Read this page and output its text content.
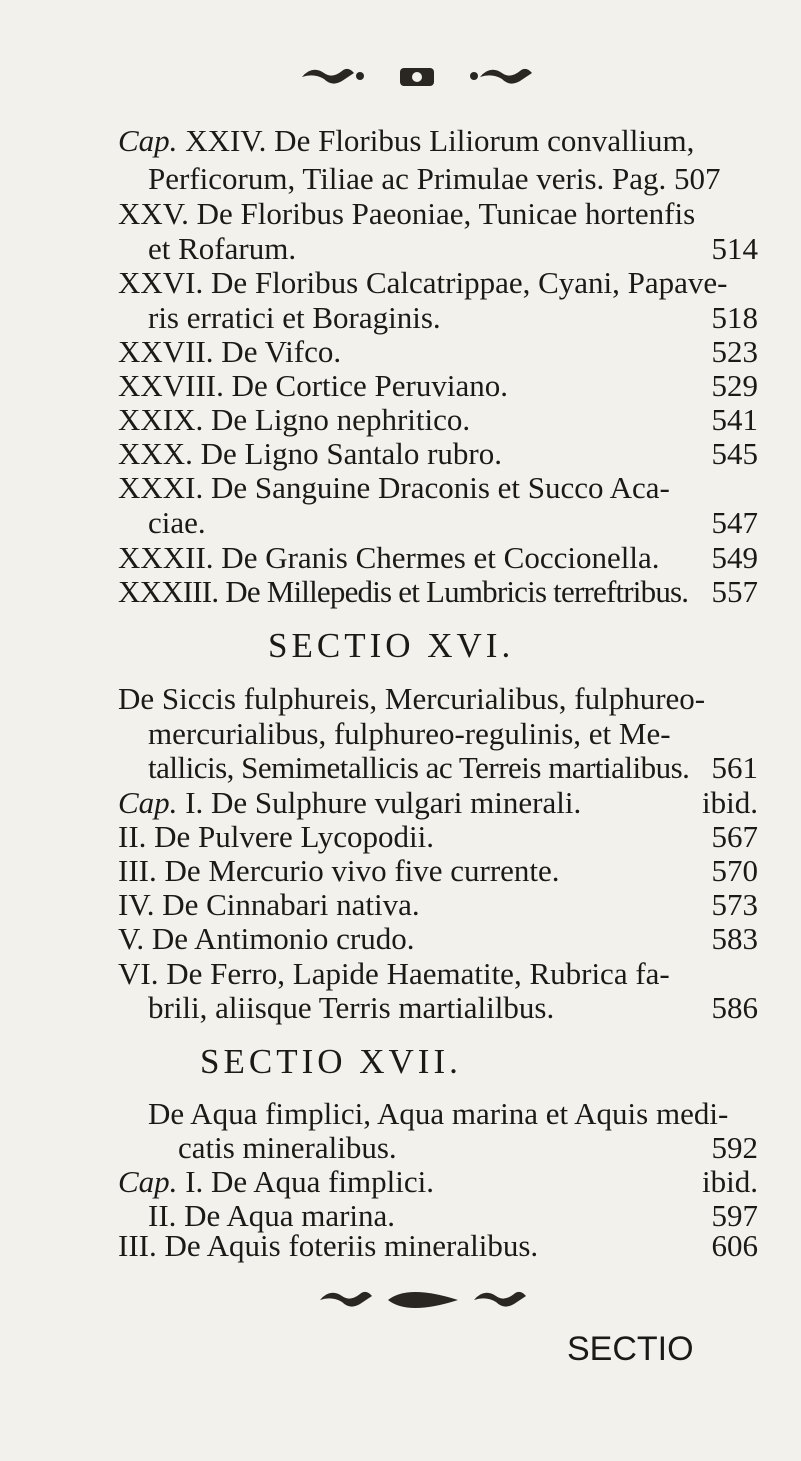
Cap. XXIV. De Floribus Liliorum convallium,
Perficorum, Tiliae ac Primulae veris. Pag. 507
XXV. De Floribus Paeoniae, Tunicae hortenfis
et Rofarum.	514
XXVI. De Floribus Calcatrippae, Cyani, Papave-
ris erratici et Boraginis.	518
XXVII. De Vifco.	523
XXVIII. De Cortice Peruviano.	529
XXIX. De Ligno nephritico.	541
XXX. De Ligno Santalo rubro.	545
XXXI. De Sanguine Draconis et Succo Aca-
ciae.	547
XXXII. De Granis Chermes et Coccionella. 549
XXXIII. De Millepedis et Lumbricis terreftribus. 557
SECTIO XVI.
De Siccis fulphureis, Mercurialibus, fulphureo-
mercurialibus, fulphureo-regulinis, et Me-
tallicis, Semimetallicis ac Terreis martialibus. 561
Cap. I. De Sulphure vulgari minerali.	ibid.
II. De Pulvere Lycopodii.	567
III. De Mercurio vivo five currente.	570
IV. De Cinnabari nativa.	573
V. De Antimonio crudo.	583
VI. De Ferro, Lapide Haematite, Rubrica fa-
brili, aliisque Terris martialilbus.	586
SECTIO XVII.
De Aqua fimplici, Aqua marina et Aquis medi-
catis mineralibus.	592
Cap. I. De Aqua fimplici.	ibid.
II. De Aqua marina.	597
III. De Aquis foteriis mineralibus.	606
SECTIO
